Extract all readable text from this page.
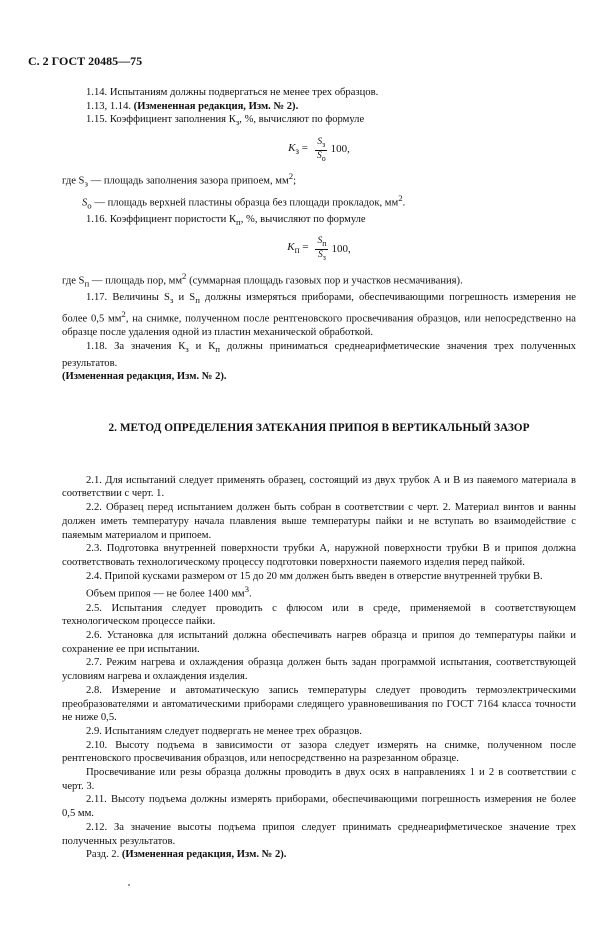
С. 2 ГОСТ 20485—75

1.14. Испытаниям должны подвергаться не менее трех образцов.

1.13, 1.14. (Измененная редакция, Изм. № 2).

1.15. Коэффициент заполнения $К_з$, %, вычисляют по формуле

$К_з = \frac{S_з}{S_о} 100$,

где $S_з$ — площадь заполнения зазора припоем, $мм^2$;

$S_о$ — площадь верхней пластины образца без площади прокладок, $мм^2$.

1.16. Коэффициент пористости $К_п$, %, вычисляют по формуле

$К_п = \frac{S_п}{S_з} 100$,

где $S_п$ — площадь пор, $мм^2$ (суммарная площадь газовых пор и участков несмачивания).

1.17. Величины $S_з$ и $S_п$ должны измеряться приборами, обеспечивающими погрешность измерения не более 0,5 $мм^2$, на снимке, полученном после рентгеновского просвечивания образцов, или непосредственно на образце после удаления одной из пластин механической обработкой.

1.18. За значения $К_з$ и $К_п$ должны приниматься среднеарифметические значения трех полученных результатов.

(Измененная редакция, Изм. № 2).

2. МЕТОД ОПРЕДЕЛЕНИЯ ЗАТЕКАНИЯ ПРИПОЯ В ВЕРТИКАЛЬНЫЙ ЗАЗОР

2.1. Для испытаний следует применять образец, состоящий из двух трубок А и В из паяемого материала в соответствии с черт. 1.

2.2. Образец перед испытанием должен быть собран в соответствии с черт. 2. Материал винтов и ванны должен иметь температуру начала плавления выше температуры пайки и не вступать во взаимодействие с паяемым материалом и припоем.

2.3. Подготовка внутренней поверхности трубки А, наружной поверхности трубки В и припоя должна соответствовать технологическому процессу подготовки поверхности паяемого изделия перед пайкой.

2.4. Припой кусками размером от 15 до 20 мм должен быть введен в отверстие внутренней трубки В.

Объем припоя — не более 1400 $мм^3$.

2.5. Испытания следует проводить с флюсом или в среде, применяемой в соответствующем технологическом процессе пайки.

2.6. Установка для испытаний должна обеспечивать нагрев образца и припоя до температуры пайки и сохранение ее при испытании.

2.7. Режим нагрева и охлаждения образца должен быть задан программой испытания, соответствующей условиям нагрева и охлаждения изделия.

2.8. Измерение и автоматическую запись температуры следует проводить термоэлектрическими преобразователями и автоматическими приборами следящего уравновешивания по ГОСТ 7164 класса точности не ниже 0,5.

2.9. Испытаниям следует подвергать не менее трех образцов.

2.10. Высоту подъема в зависимости от зазора следует измерять на снимке, полученном после рентгеновского просвечивания образцов, или непосредственно на разрезанном образце.

Просвечивание или резы образца должны проводить в двух осях в направлениях 1 и 2 в соответствии с черт. 3.

2.11. Высоту подъема должны измерять приборами, обеспечивающими погрешность измерения не более 0,5 мм.

2.12. За значение высоты подъема припоя следует принимать среднеарифметическое значение трех полученных результатов.

Разд. 2. (Измененная редакция, Изм. № 2).
